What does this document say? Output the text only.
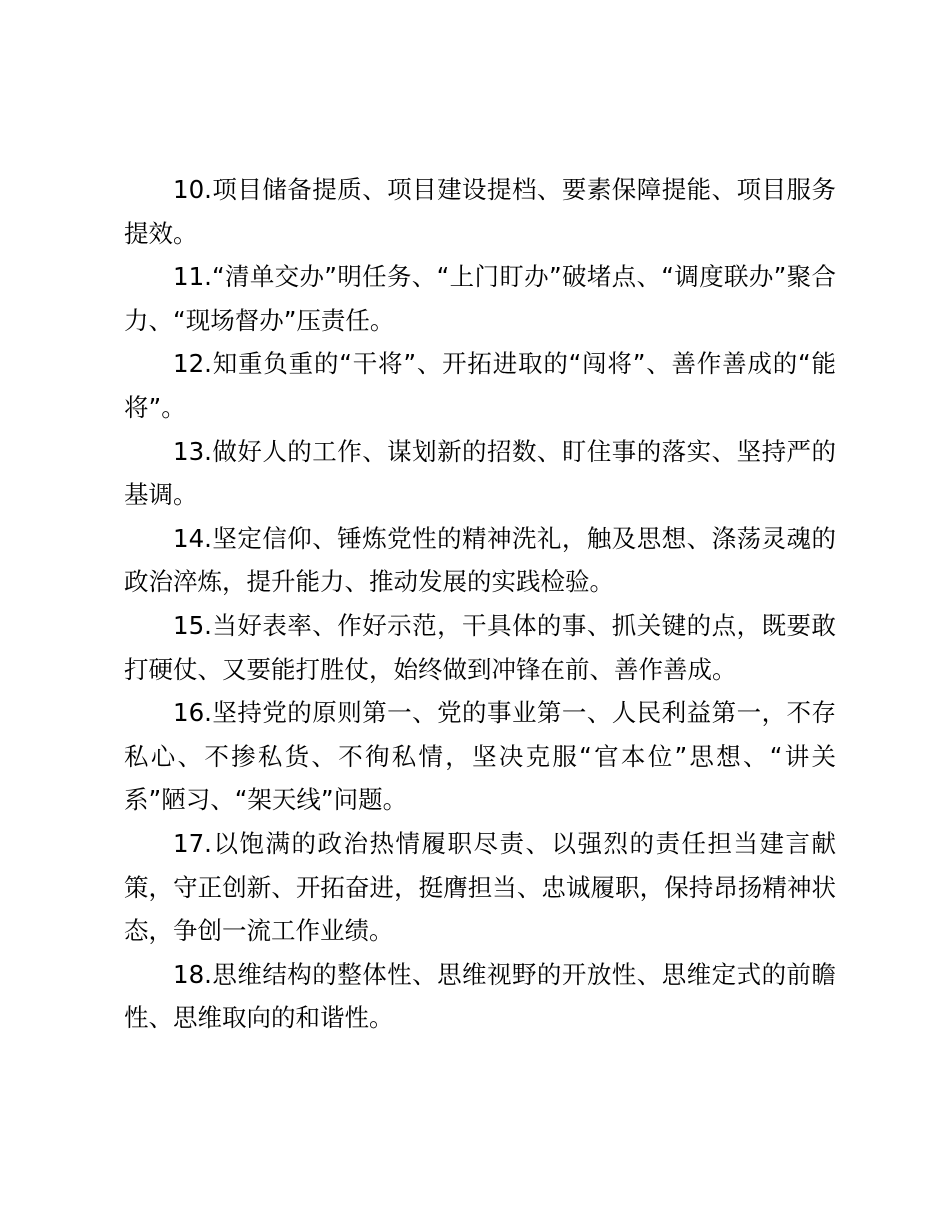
10.项目储备提质、项目建设提档、要素保障提能、项目服务提效。

11.“清单交办”明任务、“上门盯办”破堵点、“调度联办”聚合力、“现场督办”压责任。

12.知重负重的“干将”、开拓进取的“闯将”、善作善成的“能将”。

13.做好人的工作、谋划新的招数、盯住事的落实、坚持严的基调。

14.坚定信仰、锤炼党性的精神洗礼，触及思想、涤荡灵魂的政治淬炼，提升能力、推动发展的实践检验。

15.当好表率、作好示范，干具体的事、抓关键的点，既要敢打硬仗、又要能打胜仗，始终做到冲锋在前、善作善成。

16.坚持党的原则第一、党的事业第一、人民利益第一，不存私心、不掺私货、不徇私情，坚决克服“官本位”思想、“讲关系”陋习、“架天线”问题。

17.以饱满的政治热情履职尽责、以强烈的责任担当建言献策，守正创新、开拓奋进，挺膺担当、忠诚履职，保持昂扬精神状态，争创一流工作业绩。

18.思维结构的整体性、思维视野的开放性、思维定式的前瞻性、思维取向的和谐性。
